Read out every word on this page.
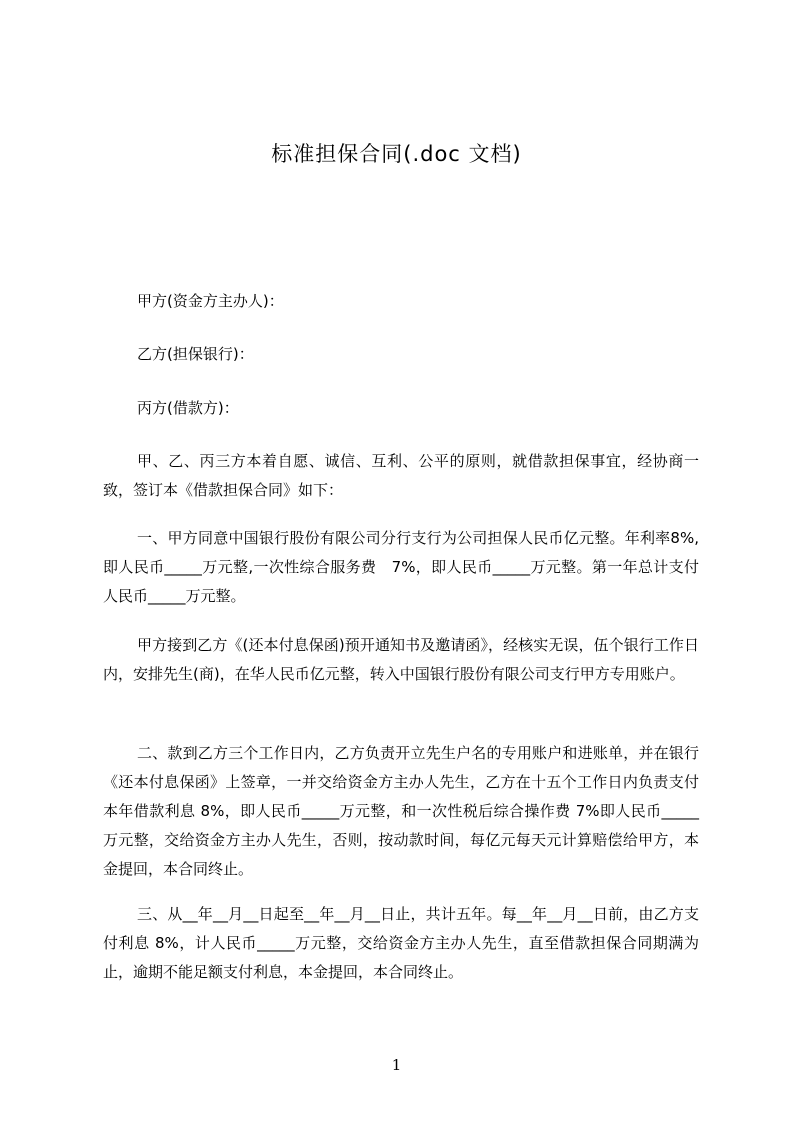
标准担保合同(.doc 文档)
甲方(资金方主办人)：
乙方(担保银行)：
丙方(借款方)：
甲、乙、丙三方本着自愿、诚信、互利、公平的原则，就借款担保事宜，经协商一致，签订本《借款担保合同》如下：
一、甲方同意中国银行股份有限公司分行支行为公司担保人民币亿元整。年利率8%,即人民币_____万元整,一次性综合服务费　7%，即人民币_____万元整。第一年总计支付人民币_____万元整。
甲方接到乙方《(还本付息保函)预开通知书及邀请函》，经核实无误，伍个银行工作日内，安排先生(商)，在华人民币亿元整，转入中国银行股份有限公司支行甲方专用账户。
二、款到乙方三个工作日内，乙方负责开立先生户名的专用账户和进账单，并在银行《还本付息保函》上签章，一并交给资金方主办人先生，乙方在十五个工作日内负责支付本年借款利息 8%，即人民币_____万元整，和一次性税后综合操作费 7%即人民币_____万元整，交给资金方主办人先生，否则，按动款时间，每亿元每天元计算赔偿给甲方，本金提回，本合同终止。
三、从__年__月__日起至__年__月__日止，共计五年。每__年__月__日前，由乙方支付利息 8%，计人民币_____万元整，交给资金方主办人先生，直至借款担保合同期满为止，逾期不能足额支付利息，本金提回，本合同终止。
1
